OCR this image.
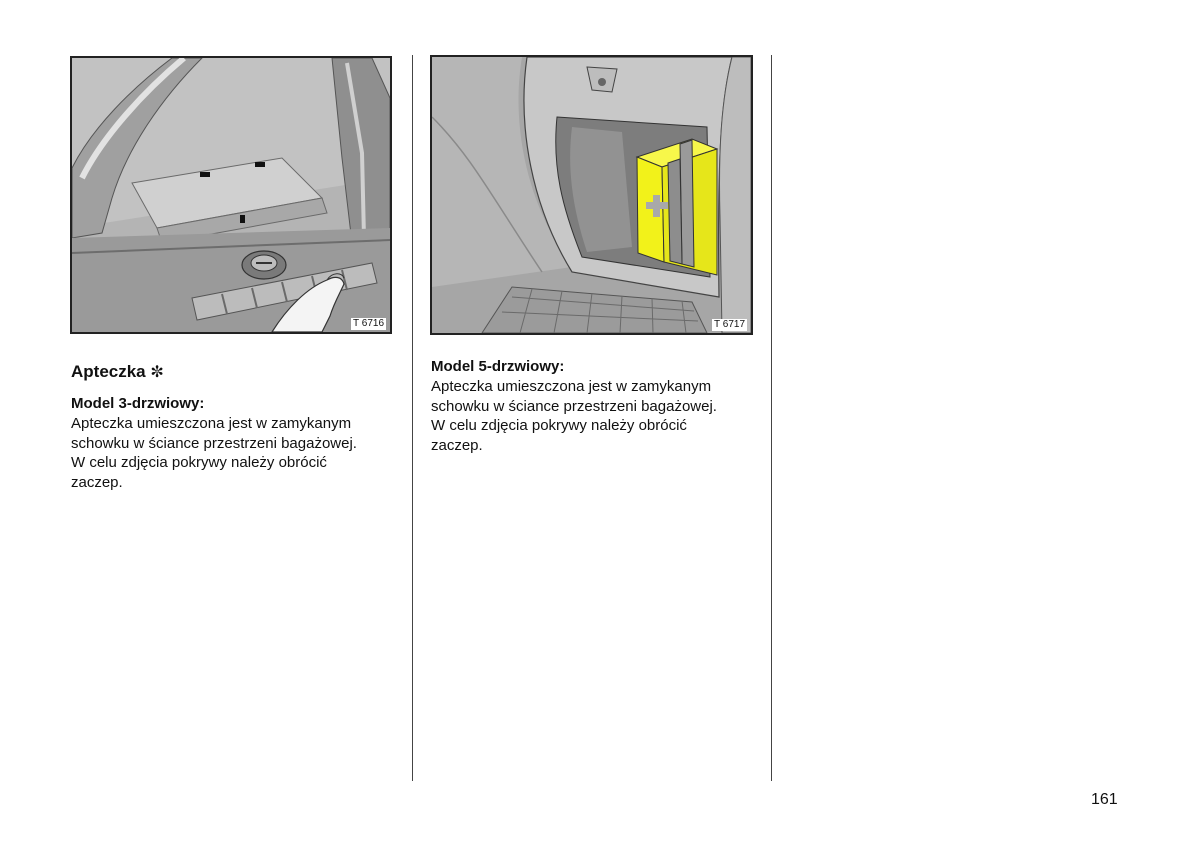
T 6716	T 6717
Apteczka ✼
Model 3-drzwiowy:

Apteczka umieszczona jest w zamykanym
schowku w ściance przestrzeni bagażowej.
W celu zdjęcia pokrywy należy obrócić
zaczep.

Model 5-drzwiowy:

Apteczka umieszczona jest w zamykanym
schowku w ściance przestrzeni bagażowej.
W celu zdjęcia pokrywy należy obrócić
zaczep.

161
